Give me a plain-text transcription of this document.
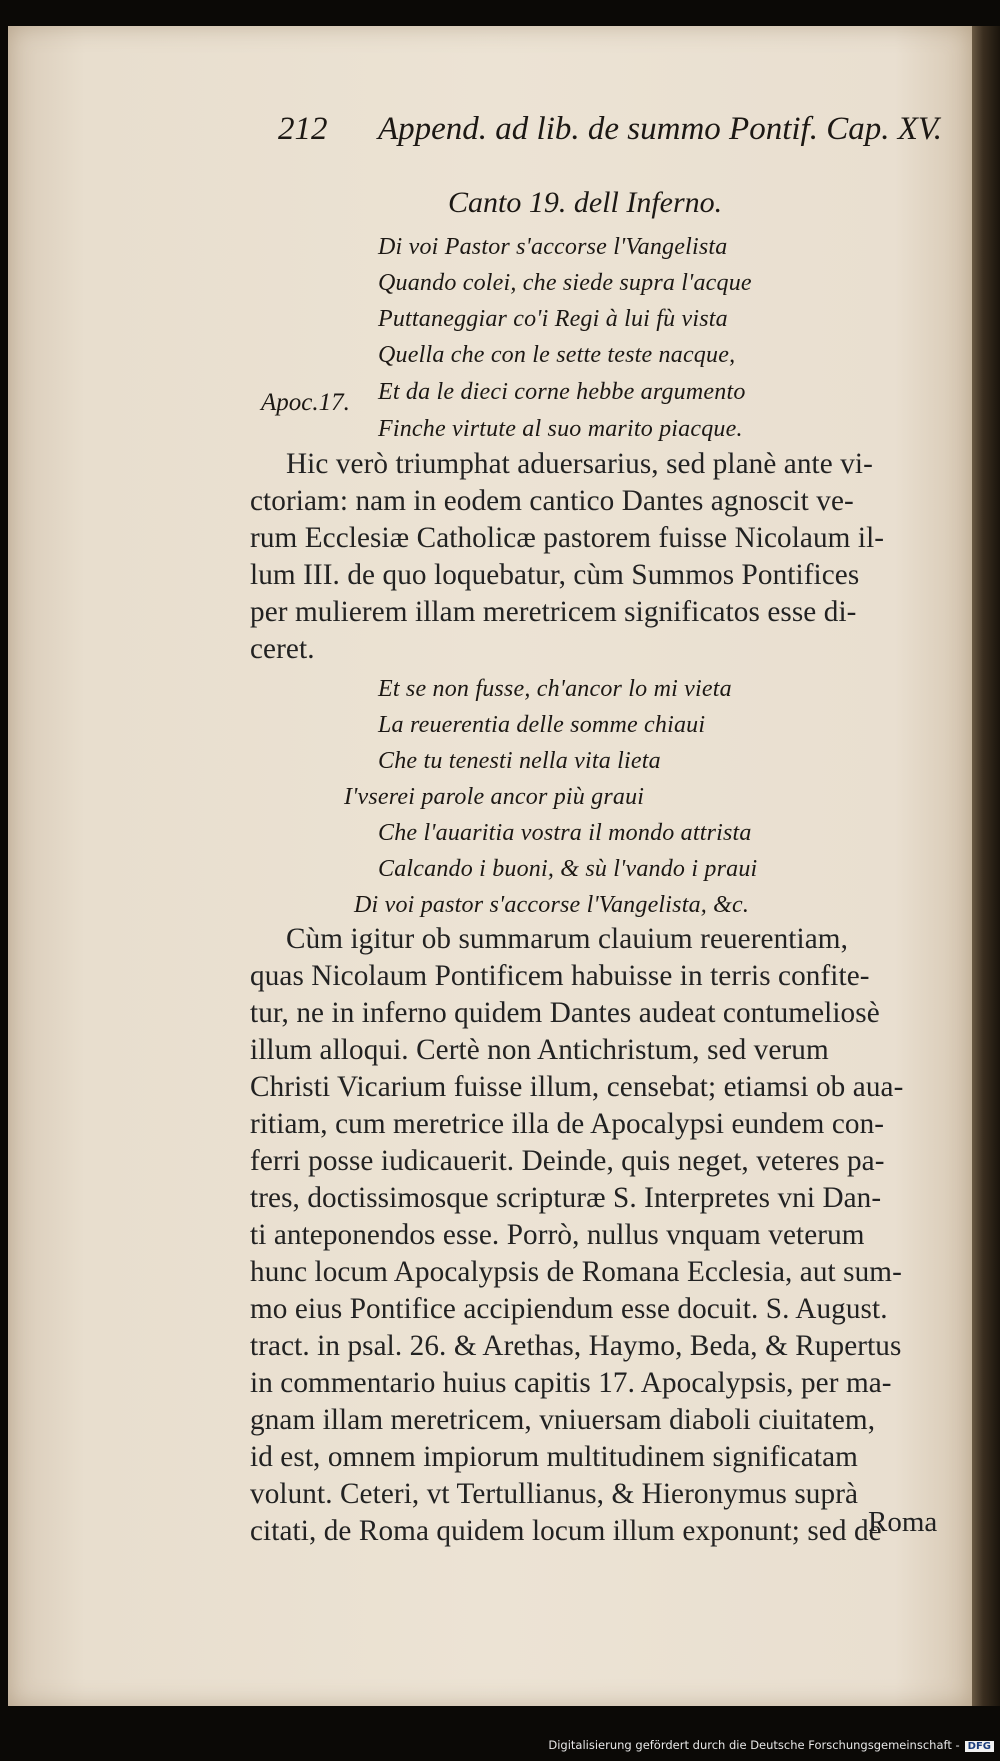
212 Append. ad lib. de summo Pontif. Cap. XV.
Canto 19. dell Inferno.
Di voi Pastor s'accorse l'Vangelista
Quando colei, che siede supra l'acque
Puttaneggiar co'i Regi à lui fù vista
Quella che con le sette teste nacque,
Et da le dieci corne hebbe argumento
Finche virtute al suo marito piacque.
Apoc.17.
Hic verò triumphat aduersarius, sed planè ante vi-
ctoriam: nam in eodem cantico Dantes agnoscit ve-
rum Ecclesiæ Catholicæ pastorem fuisse Nicolaum il-
lum III. de quo loquebatur, cùm Summos Pontifices
per mulierem illam meretricem significatos esse di-
ceret.
Et se non fusse, ch'ancor lo mi vieta
La reuerentia delle somme chiaui
Che tu tenesti nella vita lieta
I'vserei parole ancor più graui
Che l'auaritia vostra il mondo attrista
Calcando i buoni, & sù l'vando i praui
Di voi pastor s'accorse l'Vangelista, &c.
Cùm igitur ob summarum clauium reuerentiam,
quas Nicolaum Pontificem habuisse in terris confite-
tur, ne in inferno quidem Dantes audeat contumeliosè
illum alloqui. Certè non Antichristum, sed verum
Christi Vicarium fuisse illum, censebat; etiamsi ob aua-
ritiam, cum meretrice illa de Apocalypsi eundem con-
ferri posse iudicauerit. Deinde, quis neget, veteres pa-
tres, doctissimosque scripturæ S. Interpretes vni Dan-
ti anteponendos esse. Porrò, nullus vnquam veterum
hunc locum Apocalypsis de Romana Ecclesia, aut sum-
mo eius Pontifice accipiendum esse docuit. S. August.
tract. in psal. 26. & Arethas, Haymo, Beda, & Rupertus
in commentario huius capitis 17. Apocalypsis, per ma-
gnam illam meretricem, vniuersam diaboli ciuitatem,
id est, omnem impiorum multitudinem significatam
volunt. Ceteri, vt Tertullianus, & Hieronymus suprà
citati, de Roma quidem locum illum exponunt; sed de
Roma
Digitalisierung gefördert durch die Deutsche Forschungsgemeinschaft - DFG
